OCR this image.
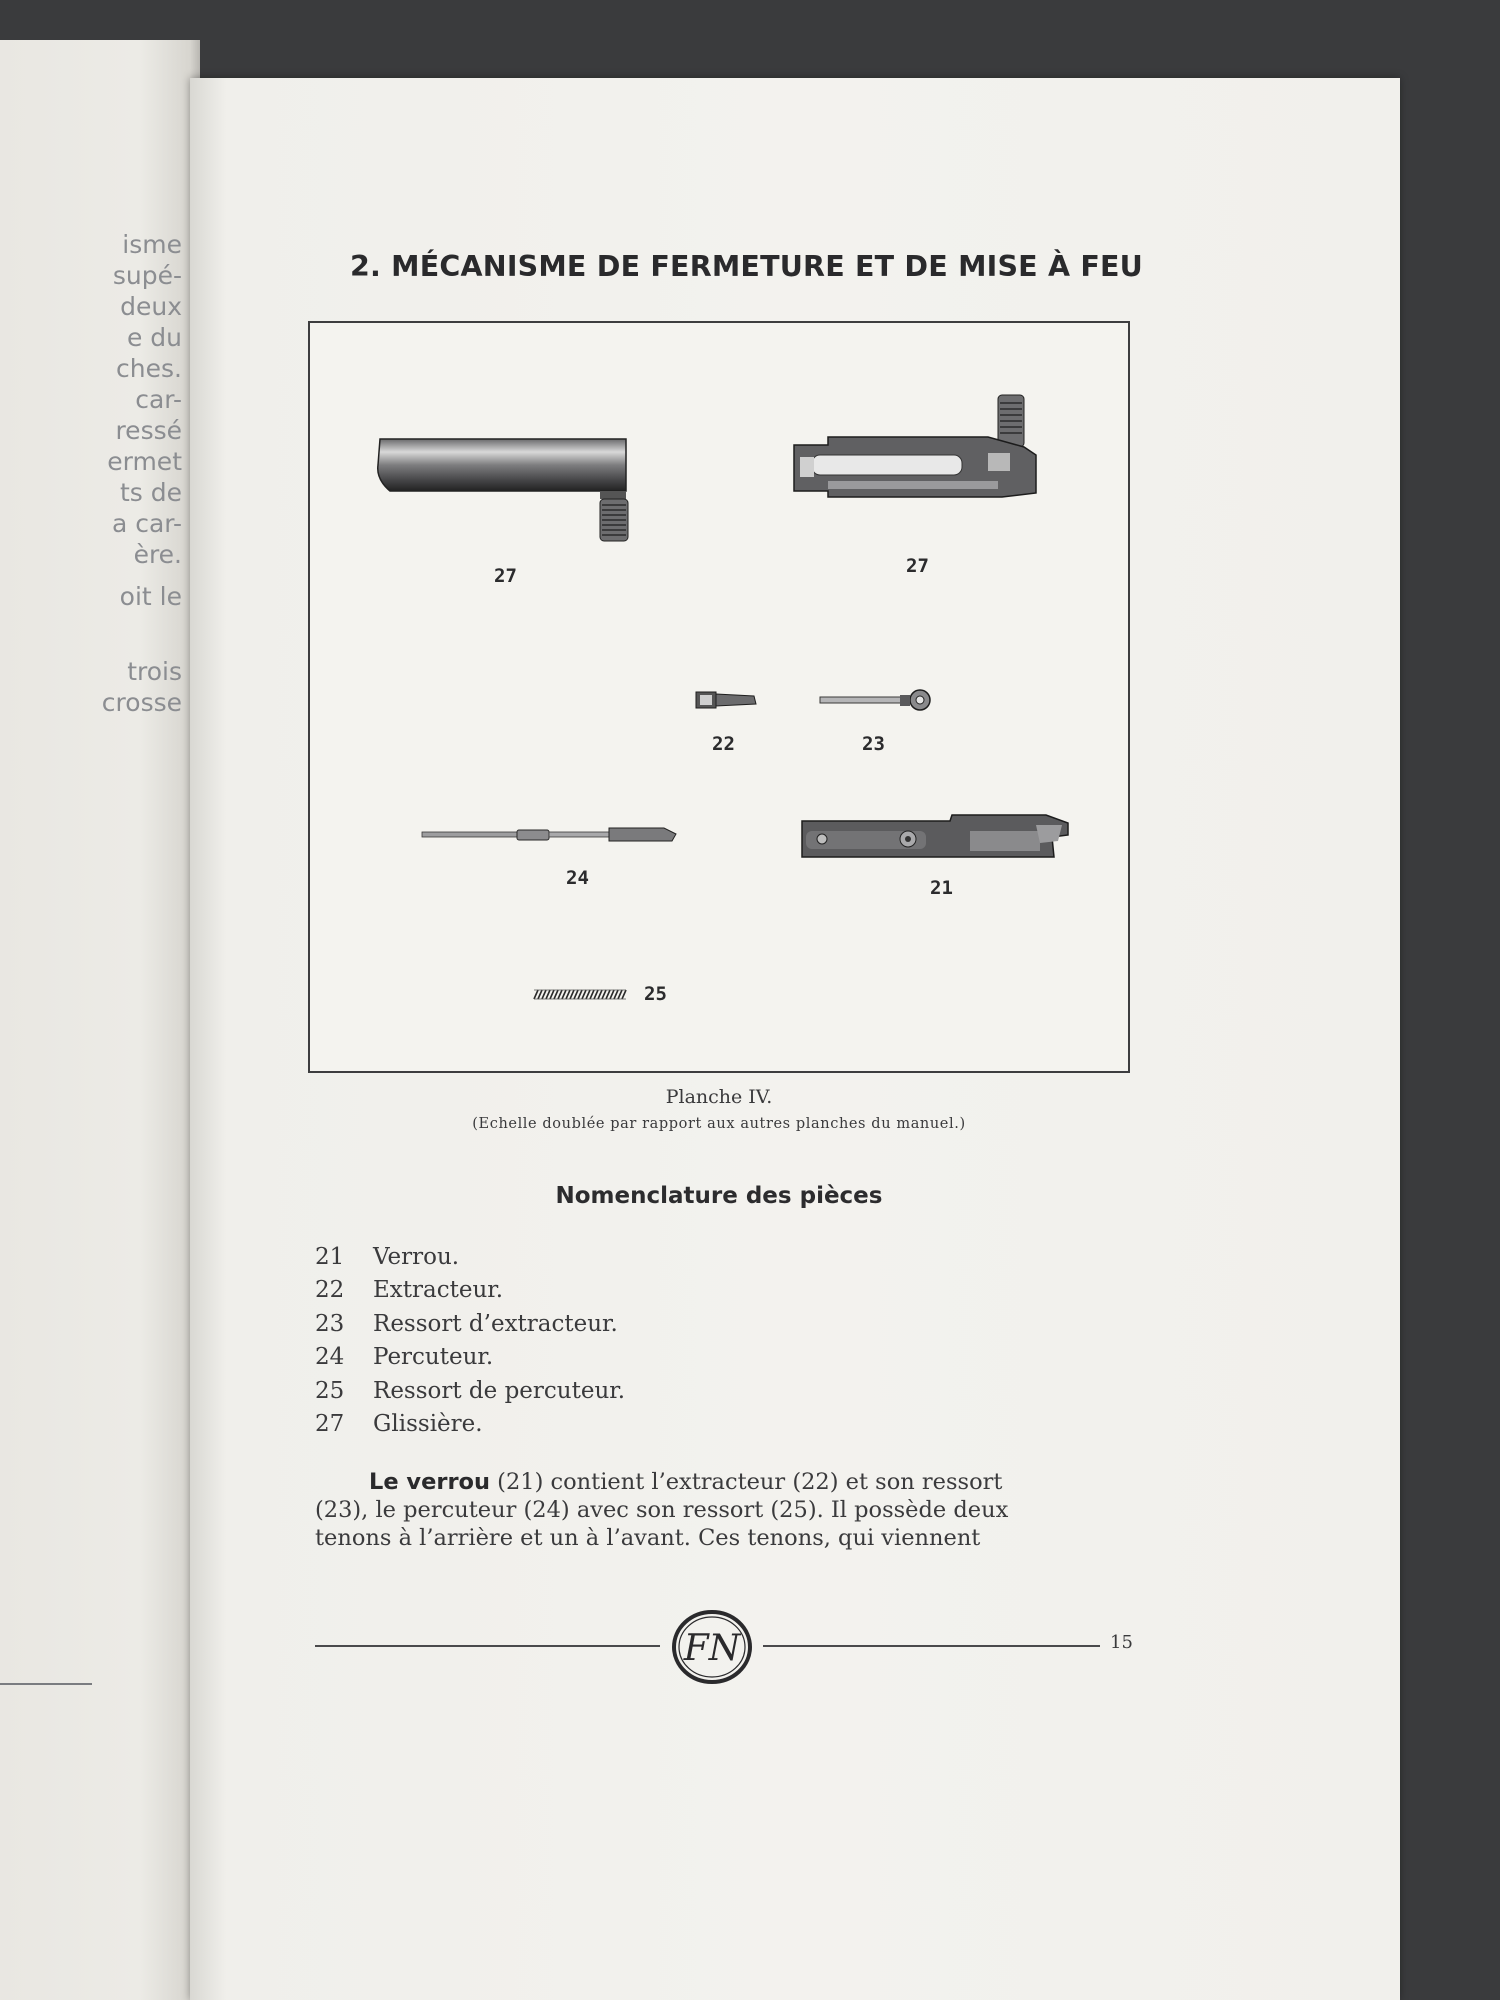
isme
supé-
deux
e du
ches.
car-
ressé
ermet
ts de
a car-
ère.
oit le
trois
crosse
2. MÉCANISME DE FERMETURE ET DE MISE À FEU
27	27
22	23
24	21
25
Planche IV.
(Echelle doublée par rapport aux autres planches du manuel.)
Nomenclature des pièces
21	Verrou.
22	Extracteur.
23	Ressort d’extracteur.
24	Percuteur.
25	Ressort de percuteur.
27	Glissière.
Le verrou (21) contient l’extracteur (22) et son ressort
(23), le percuteur (24) avec son ressort (25). Il possède deux
tenons à l’arrière et un à l’avant. Ces tenons, qui viennent
FN	15
